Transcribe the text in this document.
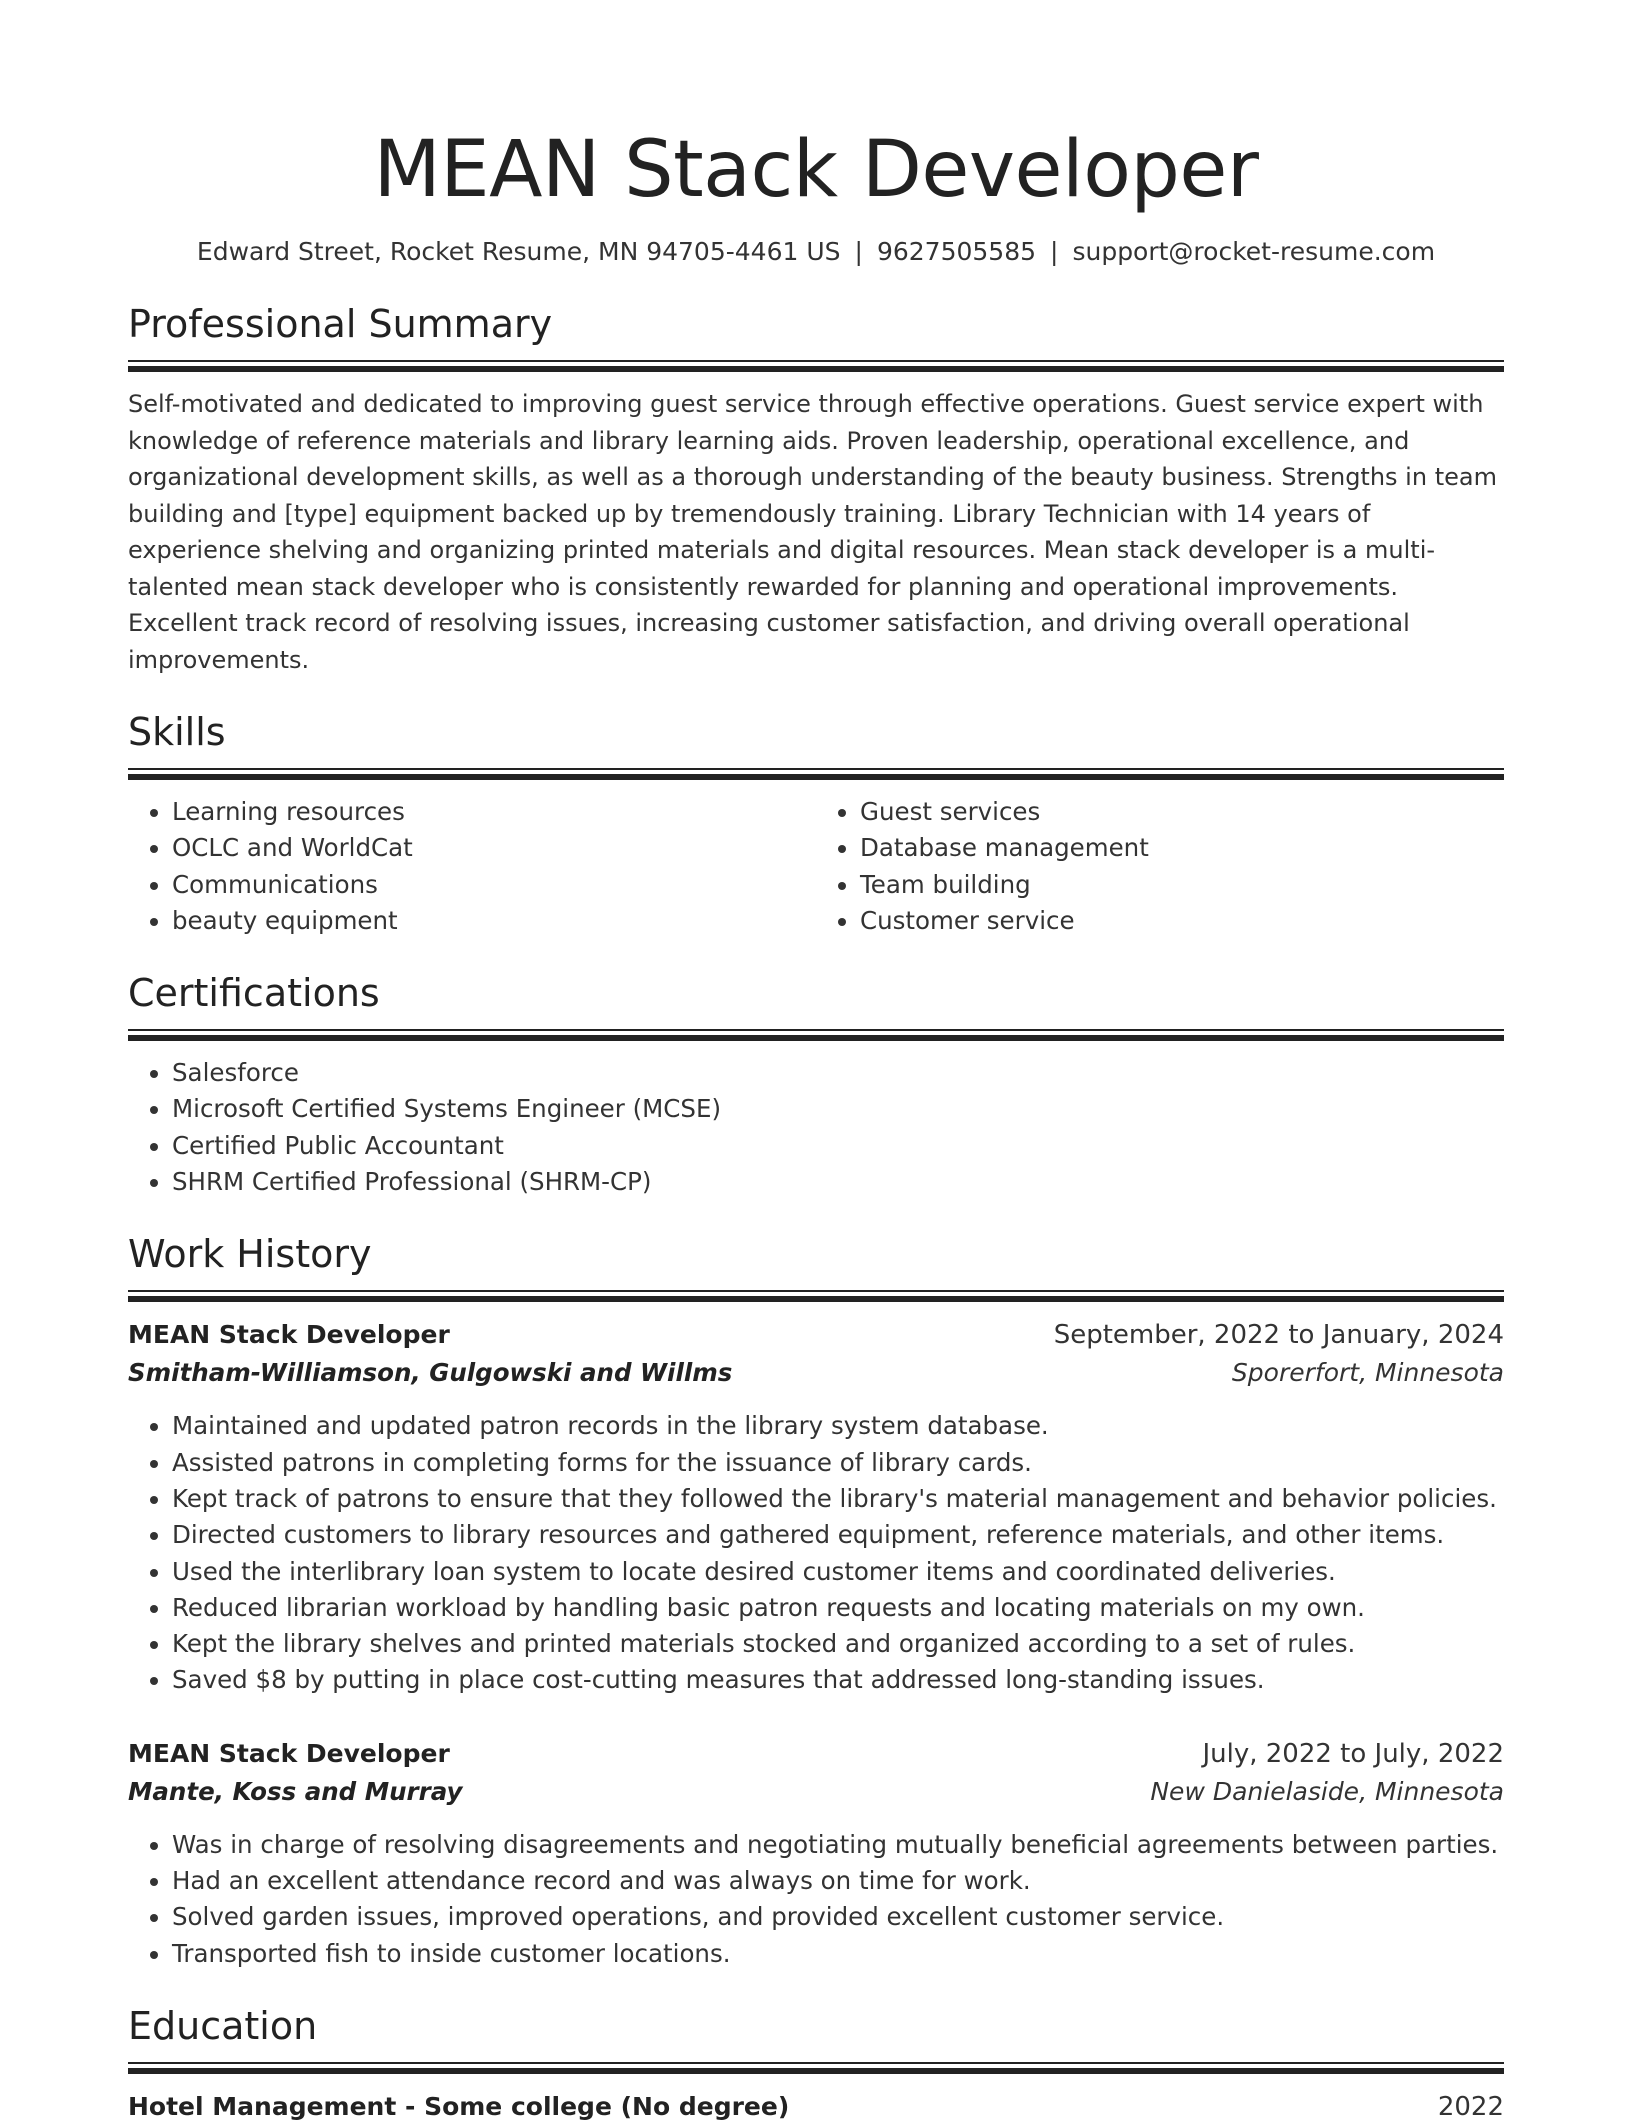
MEAN Stack Developer
Edward Street, Rocket Resume, MN 94705-4461 US | 9627505585 | support@rocket-resume.com
Professional Summary
Self-motivated and dedicated to improving guest service through effective operations. Guest service expert with knowledge of reference materials and library learning aids. Proven leadership, operational excellence, and organizational development skills, as well as a thorough understanding of the beauty business. Strengths in team building and [type] equipment backed up by tremendously training. Library Technician with 14 years of experience shelving and organizing printed materials and digital resources. Mean stack developer is a multi-talented mean stack developer who is consistently rewarded for planning and operational improvements. Excellent track record of resolving issues, increasing customer satisfaction, and driving overall operational improvements.
Skills
• Learning resources
• OCLC and WorldCat
• Communications
• beauty equipment
• Guest services
• Database management
• Team building
• Customer service
Certifications
• Salesforce
• Microsoft Certified Systems Engineer (MCSE)
• Certified Public Accountant
• SHRM Certified Professional (SHRM-CP)
Work History
MEAN Stack Developer	September, 2022 to January, 2024
Smitham-Williamson, Gulgowski and Willms	Sporerfort, Minnesota
• Maintained and updated patron records in the library system database.
• Assisted patrons in completing forms for the issuance of library cards.
• Kept track of patrons to ensure that they followed the library's material management and behavior policies.
• Directed customers to library resources and gathered equipment, reference materials, and other items.
• Used the interlibrary loan system to locate desired customer items and coordinated deliveries.
• Reduced librarian workload by handling basic patron requests and locating materials on my own.
• Kept the library shelves and printed materials stocked and organized according to a set of rules.
• Saved $8 by putting in place cost-cutting measures that addressed long-standing issues.
MEAN Stack Developer	July, 2022 to July, 2022
Mante, Koss and Murray	New Danielaside, Minnesota
• Was in charge of resolving disagreements and negotiating mutually beneficial agreements between parties.
• Had an excellent attendance record and was always on time for work.
• Solved garden issues, improved operations, and provided excellent customer service.
• Transported fish to inside customer locations.
Education
Hotel Management - Some college (No degree)	2022
